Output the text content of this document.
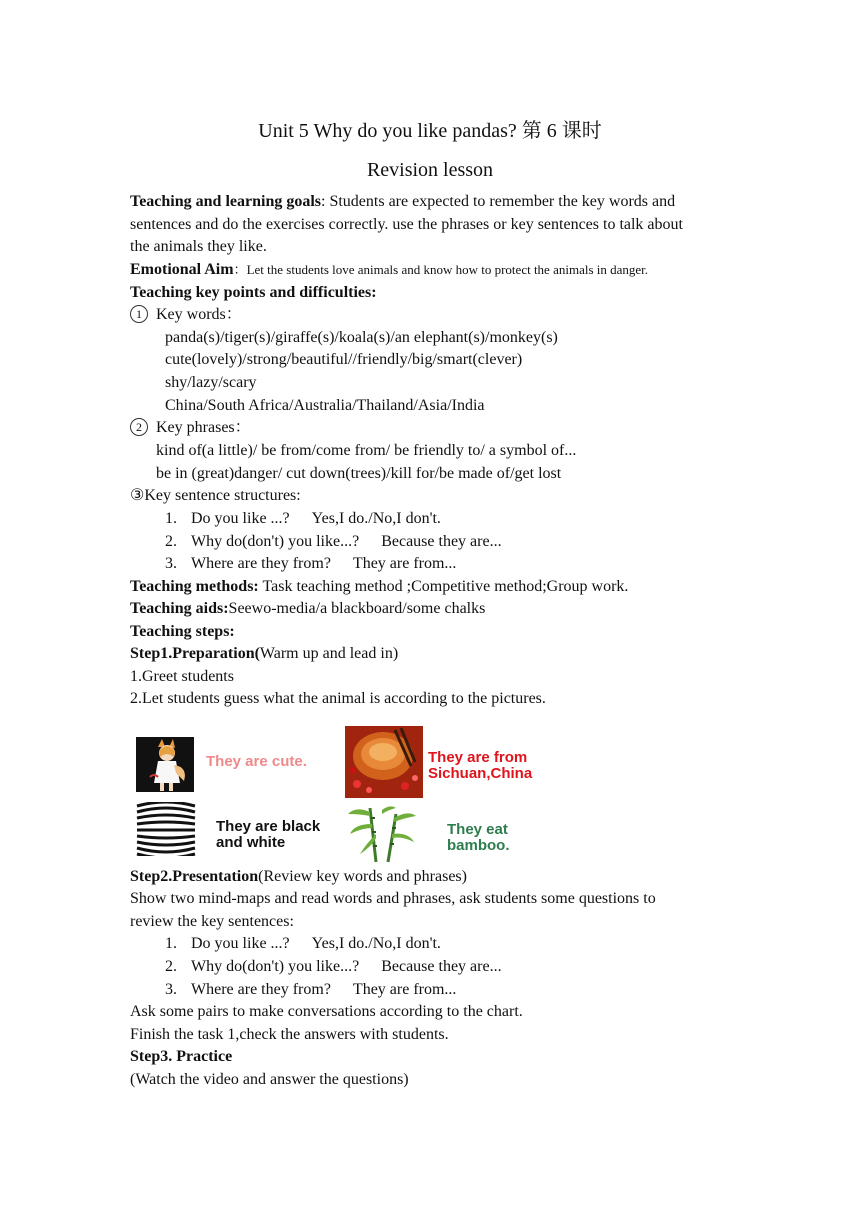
Unit 5 Why do you like pandas? 第 6 课时
Revision lesson
Teaching and learning goals: Students are expected to remember the key words and
sentences and do the exercises correctly. use the phrases or key sentences to talk about
the animals they like.
Emotional Aim：Let the students love animals and know how to protect the animals in danger.
Teaching key points and difficulties:
1 Key words：
panda(s)/tiger(s)/giraffe(s)/koala(s)/an elephant(s)/monkey(s)
cute(lovely)/strong/beautiful//friendly/big/smart(clever)
shy/lazy/scary
China/South Africa/Australia/Thailand/Asia/India
2 Key phrases：
kind of(a little)/ be from/come from/ be friendly to/ a symbol of...
be in (great)danger/ cut down(trees)/kill for/be made of/get lost
③Key sentence structures:
1. Do you like ...? Yes,I do./No,I don't.
2. Why do(don't) you like...? Because they are...
3. Where are they from? They are from...
Teaching methods: Task teaching method ;Competitive method;Group work.
Teaching aids:Seewo-media/a blackboard/some chalks
Teaching steps:
Step1.Preparation(Warm up and lead in)
1.Greet students
2.Let students guess what the animal is according to the pictures.
They are cute.	They are from
Sichuan,China
They are black
and white
They eat
bamboo.
Step2.Presentation(Review key words and phrases)
Show two mind-maps and read words and phrases, ask students some questions to
review the key sentences:
1. Do you like ...? Yes,I do./No,I don't.
2. Why do(don't) you like...? Because they are...
3. Where are they from? They are from...
Ask some pairs to make conversations according to the chart.
Finish the task 1,check the answers with students.
Step3. Practice
(Watch the video and answer the questions)
